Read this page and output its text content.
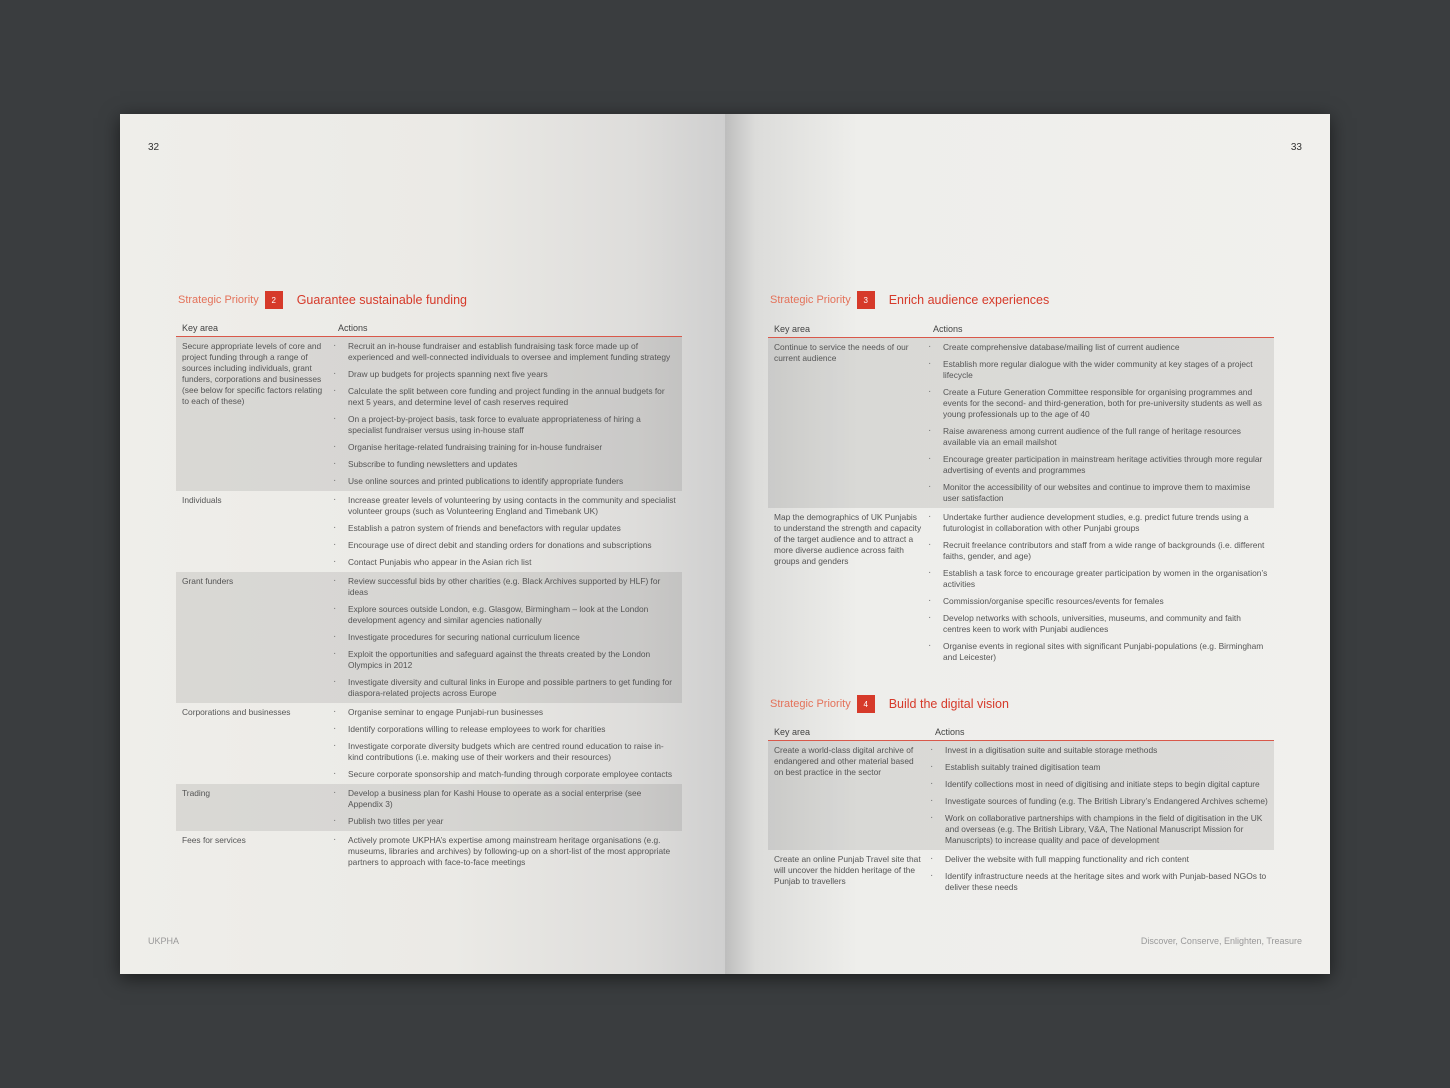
32
Strategic Priority	2	Guarantee sustainable funding
Key area	Actions
Secure appropriate levels of core and project funding through a range of sources including individuals, grant funders, corporations and businesses (see below for specific factors relating to each of these)
· Recruit an in-house fundraiser and establish fundraising task force made up of experienced and well-connected individuals to oversee and implement funding strategy
· Draw up budgets for projects spanning next five years
· Calculate the split between core funding and project funding in the annual budgets for next 5 years, and determine level of cash reserves required
· On a project-by-project basis, task force to evaluate appropriateness of hiring a specialist fundraiser versus using in-house staff
· Organise heritage-related fundraising training for in-house fundraiser
· Subscribe to funding newsletters and updates
· Use online sources and printed publications to identify appropriate funders
Individuals	· Increase greater levels of volunteering by using contacts in the community and specialist volunteer groups (such as Volunteering England and Timebank UK)
· Establish a patron system of friends and benefactors with regular updates
· Encourage use of direct debit and standing orders for donations and subscriptions
· Contact Punjabis who appear in the Asian rich list
Grant funders	· Review successful bids by other charities (e.g. Black Archives supported by HLF) for ideas
· Explore sources outside London, e.g. Glasgow, Birmingham – look at the London development agency and similar agencies nationally
· Investigate procedures for securing national curriculum licence
· Exploit the opportunities and safeguard against the threats created by the London Olympics in 2012
· Investigate diversity and cultural links in Europe and possible partners to get funding for diaspora-related projects across Europe
Corporations and businesses	· Organise seminar to engage Punjabi-run businesses
· Identify corporations willing to release employees to work for charities
· Investigate corporate diversity budgets which are centred round education to raise in-kind contributions (i.e. making use of their workers and their resources)
· Secure corporate sponsorship and match-funding through corporate employee contacts
Trading	· Develop a business plan for Kashi House to operate as a social enterprise (see Appendix 3)
· Publish two titles per year
Fees for services	· Actively promote UKPHA’s expertise among mainstream heritage organisations (e.g. museums, libraries and archives) by following-up on a short-list of the most appropriate partners to approach with face-to-face meetings
UKPHA
33
Strategic Priority	3	Enrich audience experiences
Key area	Actions
Continue to service the needs of our current audience
· Create comprehensive database/mailing list of current audience
· Establish more regular dialogue with the wider community at key stages of a project lifecycle
· Create a Future Generation Committee responsible for organising programmes and events for the second- and third-generation, both for pre-university students as well as young professionals up to the age of 40
· Raise awareness among current audience of the full range of heritage resources available via an email mailshot
· Encourage greater participation in mainstream heritage activities through more regular advertising of events and programmes
· Monitor the accessibility of our websites and continue to improve them to maximise user satisfaction
Map the demographics of UK Punjabis to understand the strength and capacity of the target audience and to attract a more diverse audience across faith groups and genders
· Undertake further audience development studies, e.g. predict future trends using a futurologist in collaboration with other Punjabi groups
· Recruit freelance contributors and staff from a wide range of backgrounds (i.e. different faiths, gender, and age)
· Establish a task force to encourage greater participation by women in the organisation’s activities
· Commission/organise specific resources/events for females
· Develop networks with schools, universities, museums, and community and faith centres keen to work with Punjabi audiences
· Organise events in regional sites with significant Punjabi-populations (e.g. Birmingham and Leicester)
Strategic Priority	4	Build the digital vision
Key area	Actions
Create a world-class digital archive of endangered and other material based on best practice in the sector
· Invest in a digitisation suite and suitable storage methods
· Establish suitably trained digitisation team
· Identify collections most in need of digitising and initiate steps to begin digital capture
· Investigate sources of funding (e.g. The British Library’s Endangered Archives scheme)
· Work on collaborative partnerships with champions in the field of digitisation in the UK and overseas (e.g. The British Library, V&A, The National Manuscript Mission for Manuscripts) to increase quality and pace of development
Create an online Punjab Travel site that will uncover the hidden heritage of the Punjab to travellers
· Deliver the website with full mapping functionality and rich content
· Identify infrastructure needs at the heritage sites and work with Punjab-based NGOs to deliver these needs
Discover, Conserve, Enlighten, Treasure
